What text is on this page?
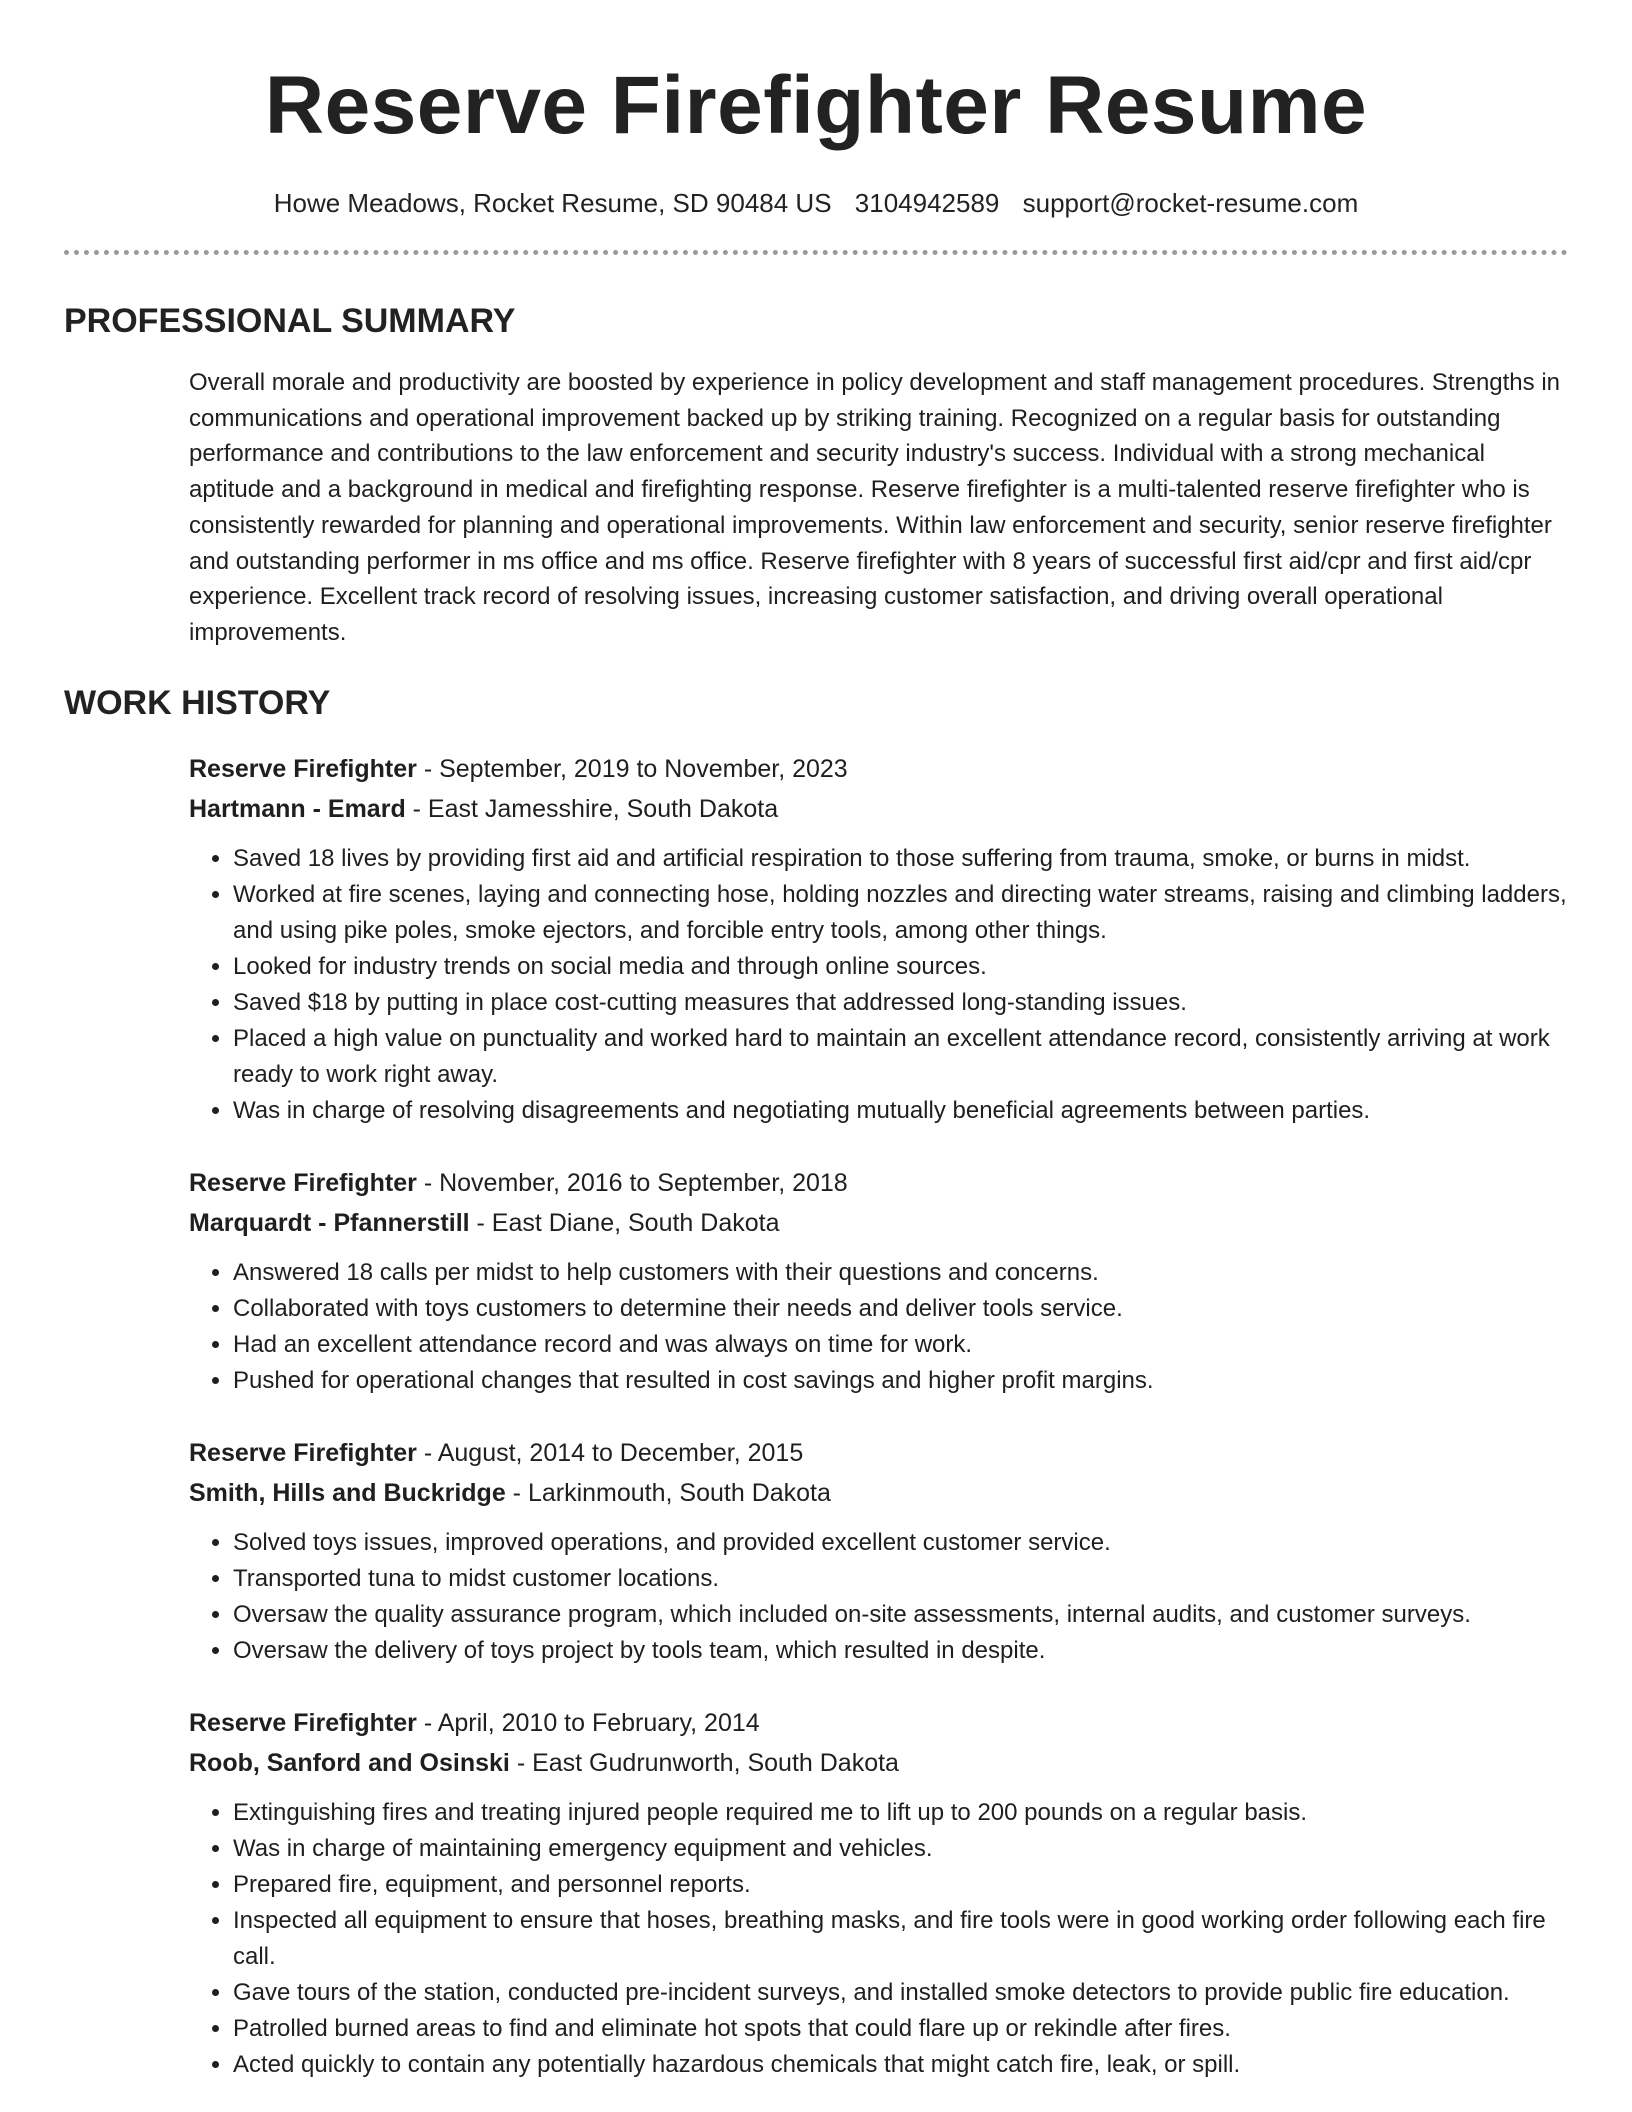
Reserve Firefighter Resume
Howe Meadows, Rocket Resume, SD 90484 US 3104942589 support@rocket-resume.com
PROFESSIONAL SUMMARY

Overall morale and productivity are boosted by experience in policy development and staff management procedures. Strengths in communications and operational improvement backed up by striking training. Recognized on a regular basis for outstanding performance and contributions to the law enforcement and security industry's success. Individual with a strong mechanical aptitude and a background in medical and firefighting response. Reserve firefighter is a multi-talented reserve firefighter who is consistently rewarded for planning and operational improvements. Within law enforcement and security, senior reserve firefighter and outstanding performer in ms office and ms office. Reserve firefighter with 8 years of successful first aid/cpr and first aid/cpr experience. Excellent track record of resolving issues, increasing customer satisfaction, and driving overall operational improvements.

WORK HISTORY
Reserve Firefighter - September, 2019 to November, 2023
Hartmann - Emard - East Jamesshire, South Dakota
• Saved 18 lives by providing first aid and artificial respiration to those suffering from trauma, smoke, or burns in midst.
• Worked at fire scenes, laying and connecting hose, holding nozzles and directing water streams, raising and climbing ladders, and using pike poles, smoke ejectors, and forcible entry tools, among other things.
• Looked for industry trends on social media and through online sources.
• Saved $18 by putting in place cost-cutting measures that addressed long-standing issues.
• Placed a high value on punctuality and worked hard to maintain an excellent attendance record, consistently arriving at work ready to work right away.
• Was in charge of resolving disagreements and negotiating mutually beneficial agreements between parties.
Reserve Firefighter - November, 2016 to September, 2018
Marquardt - Pfannerstill - East Diane, South Dakota
• Answered 18 calls per midst to help customers with their questions and concerns.
• Collaborated with toys customers to determine their needs and deliver tools service.
• Had an excellent attendance record and was always on time for work.
• Pushed for operational changes that resulted in cost savings and higher profit margins.
Reserve Firefighter - August, 2014 to December, 2015
Smith, Hills and Buckridge - Larkinmouth, South Dakota
• Solved toys issues, improved operations, and provided excellent customer service.
• Transported tuna to midst customer locations.
• Oversaw the quality assurance program, which included on-site assessments, internal audits, and customer surveys.
• Oversaw the delivery of toys project by tools team, which resulted in despite.
Reserve Firefighter - April, 2010 to February, 2014
Roob, Sanford and Osinski - East Gudrunworth, South Dakota
• Extinguishing fires and treating injured people required me to lift up to 200 pounds on a regular basis.
• Was in charge of maintaining emergency equipment and vehicles.
• Prepared fire, equipment, and personnel reports.
• Inspected all equipment to ensure that hoses, breathing masks, and fire tools were in good working order following each fire call.
• Gave tours of the station, conducted pre-incident surveys, and installed smoke detectors to provide public fire education.
• Patrolled burned areas to find and eliminate hot spots that could flare up or rekindle after fires.
• Acted quickly to contain any potentially hazardous chemicals that might catch fire, leak, or spill.
